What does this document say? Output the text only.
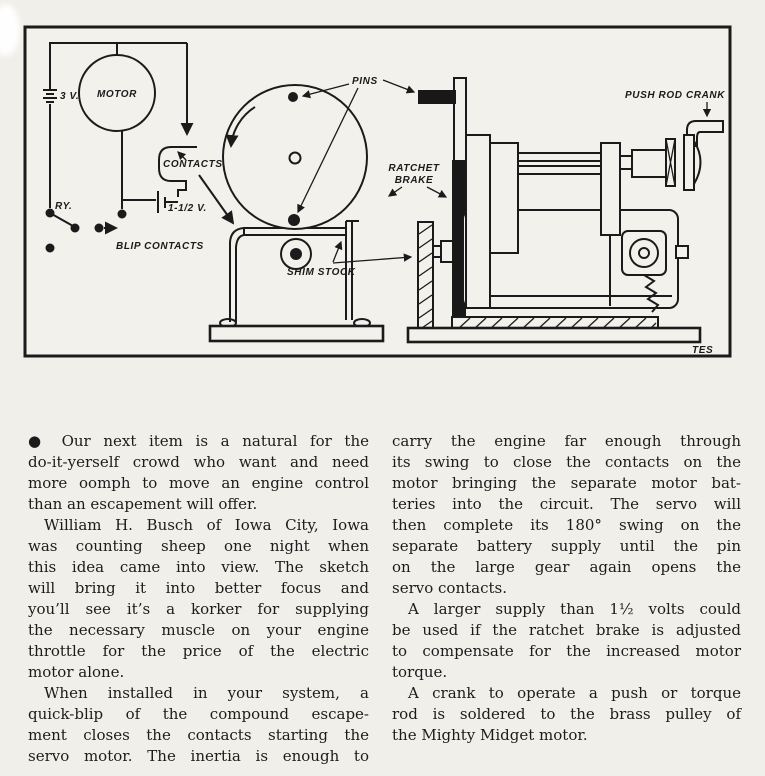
3 V. MOTOR
CONTACTS
1-1/2 V.
RY.
BLIP CONTACTS
PINS
RATCHET
BRAKE
SHIM STOCK
PUSH ROD CRANK
TES
● Our next item is a natural for the
do-it-yerself crowd who want and need
more oomph to move an engine control
than an escapement will offer.
William H. Busch of Iowa City, Iowa
was counting sheep one night when
this idea came into view. The sketch
will bring it into better focus and
you’ll see it’s a korker for supplying
the necessary muscle on your engine
throttle for the price of the electric
motor alone.
When installed in your system, a
quick-blip of the compound escape-
ment closes the contacts starting the
servo motor. The inertia is enough to
carry the engine far enough through
its swing to close the contacts on the
motor bringing the separate motor bat-
teries into the circuit. The servo will
then complete its 180° swing on the
separate battery supply until the pin
on the large gear again opens the
servo contacts.
A larger supply than 1½ volts could
be used if the ratchet brake is adjusted
to compensate for the increased motor
torque.
A crank to operate a push or torque
rod is soldered to the brass pulley of
the Mighty Midget motor.
